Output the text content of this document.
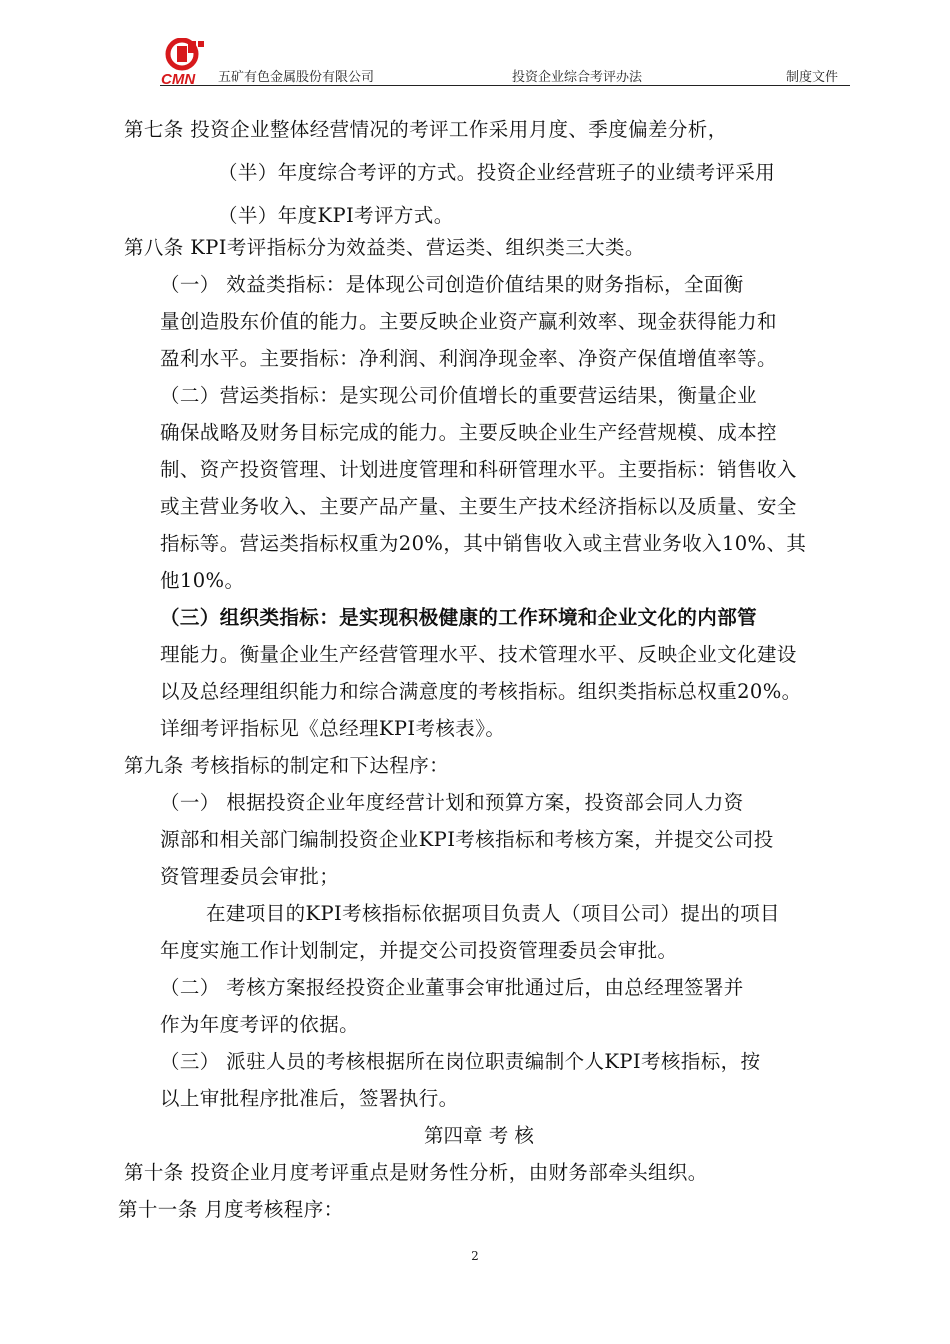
CMN 五矿有色金属股份有限公司	投资企业综合考评办法	制度文件
第七条 投资企业整体经营情况的考评工作采用月度、季度偏差分析，
（半）年度综合考评的方式。投资企业经营班子的业绩考评采用
（半）年度KPI考评方式。
第八条 KPI考评指标分为效益类、营运类、组织类三大类。
（一） 效益类指标：是体现公司创造价值结果的财务指标，全面衡
量创造股东价值的能力。主要反映企业资产赢利效率、现金获得能力和
盈利水平。主要指标：净利润、利润净现金率、净资产保值增值率等。
（二）营运类指标：是实现公司价值增长的重要营运结果，衡量企业
确保战略及财务目标完成的能力。主要反映企业生产经营规模、成本控
制、资产投资管理、计划进度管理和科研管理水平。主要指标：销售收入
或主营业务收入、主要产品产量、主要生产技术经济指标以及质量、安全
指标等。营运类指标权重为20%，其中销售收入或主营业务收入10%、其
他10%。
（三）组织类指标：是实现积极健康的工作环境和企业文化的内部管
理能力。衡量企业生产经营管理水平、技术管理水平、反映企业文化建设
以及总经理组织能力和综合满意度的考核指标。组织类指标总权重20%。
详细考评指标见《总经理KPI考核表》。
第九条 考核指标的制定和下达程序：
（一） 根据投资企业年度经营计划和预算方案，投资部会同人力资
源部和相关部门编制投资企业KPI考核指标和考核方案，并提交公司投
资管理委员会审批；
在建项目的KPI考核指标依据项目负责人（项目公司）提出的项目
年度实施工作计划制定，并提交公司投资管理委员会审批。
（二） 考核方案报经投资企业董事会审批通过后，由总经理签署并
作为年度考评的依据。
（三） 派驻人员的考核根据所在岗位职责编制个人KPI考核指标，按
以上审批程序批准后，签署执行。
第四章 考 核
第十条 投资企业月度考评重点是财务性分析，由财务部牵头组织。
第十一条 月度考核程序：
2
